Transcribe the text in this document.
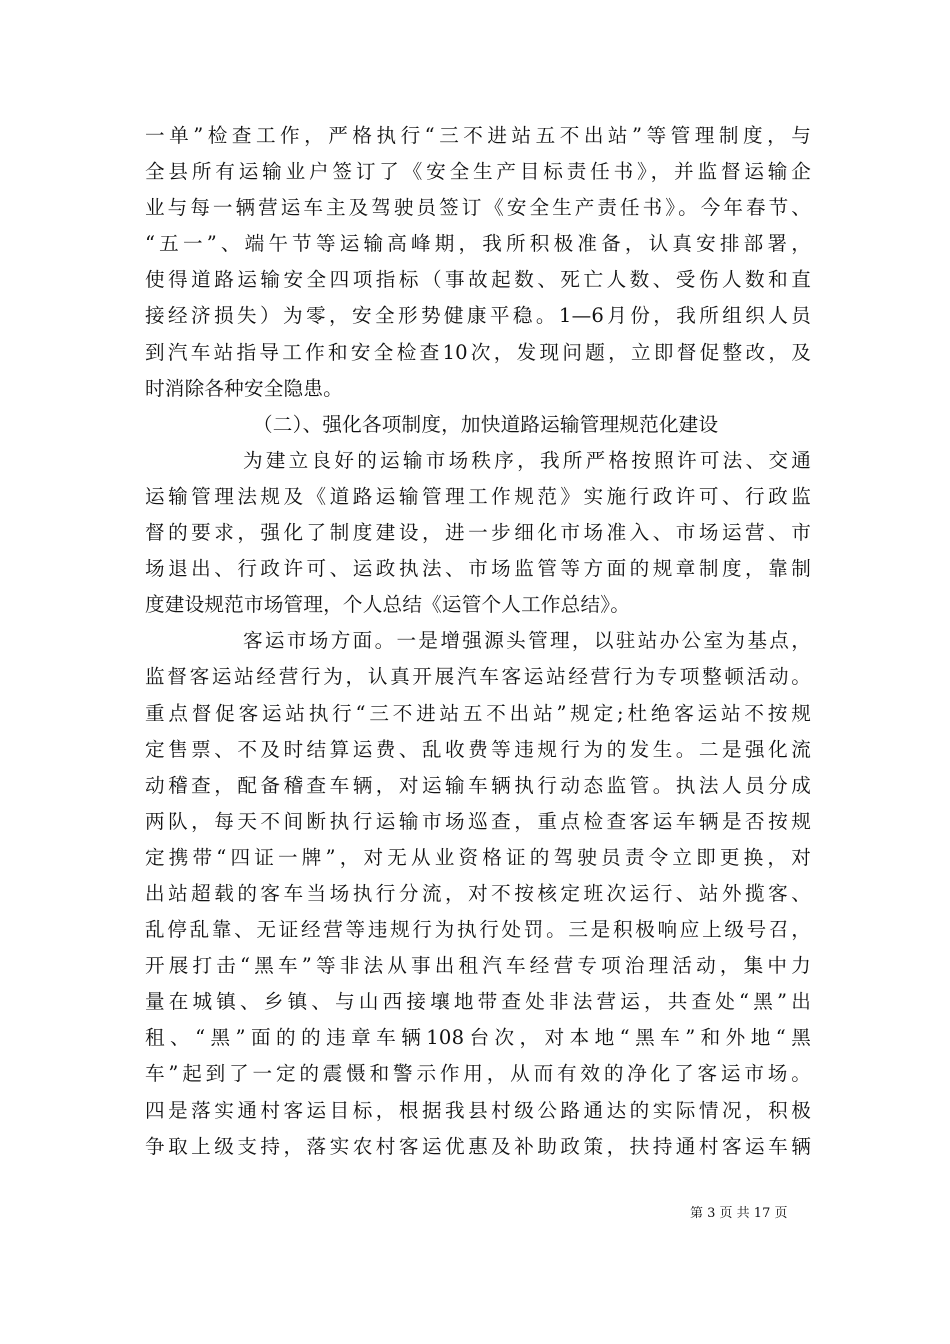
一单”检查工作，严格执行“三不进站五不出站”等管理制度，与
全县所有运输业户签订了《安全生产目标责任书》，并监督运输企
业与每一辆营运车主及驾驶员签订《安全生产责任书》。今年春节、
“五一”、端午节等运输高峰期，我所积极准备，认真安排部署，
使得道路运输安全四项指标（事故起数、死亡人数、受伤人数和直
接经济损失）为零，安全形势健康平稳。1—6月份，我所组织人员
到汽车站指导工作和安全检查10次，发现问题，立即督促整改，及
时消除各种安全隐患。
（二）、强化各项制度，加快道路运输管理规范化建设
为建立良好的运输市场秩序，我所严格按照许可法、交通
运输管理法规及《道路运输管理工作规范》实施行政许可、行政监
督的要求，强化了制度建设，进一步细化市场准入、市场运营、市
场退出、行政许可、运政执法、市场监管等方面的规章制度，靠制
度建设规范市场管理，个人总结《运管个人工作总结》。
客运市场方面。一是增强源头管理，以驻站办公室为基点，
监督客运站经营行为，认真开展汽车客运站经营行为专项整顿活动。
重点督促客运站执行“三不进站五不出站”规定;杜绝客运站不按规
定售票、不及时结算运费、乱收费等违规行为的发生。二是强化流
动稽查，配备稽查车辆，对运输车辆执行动态监管。执法人员分成
两队，每天不间断执行运输市场巡查，重点检查客运车辆是否按规
定携带“四证一牌”，对无从业资格证的驾驶员责令立即更换，对
出站超载的客车当场执行分流，对不按核定班次运行、站外揽客、
乱停乱靠、无证经营等违规行为执行处罚。三是积极响应上级号召，
开展打击“黑车”等非法从事出租汽车经营专项治理活动，集中力
量在城镇、乡镇、与山西接壤地带查处非法营运，共查处“黑”出
租、“黑”面的的违章车辆108台次，对本地“黑车”和外地“黑
车”起到了一定的震慑和警示作用，从而有效的净化了客运市场。
四是落实通村客运目标，根据我县村级公路通达的实际情况，积极
争取上级支持，落实农村客运优惠及补助政策，扶持通村客运车辆
第 3 页 共 17 页
